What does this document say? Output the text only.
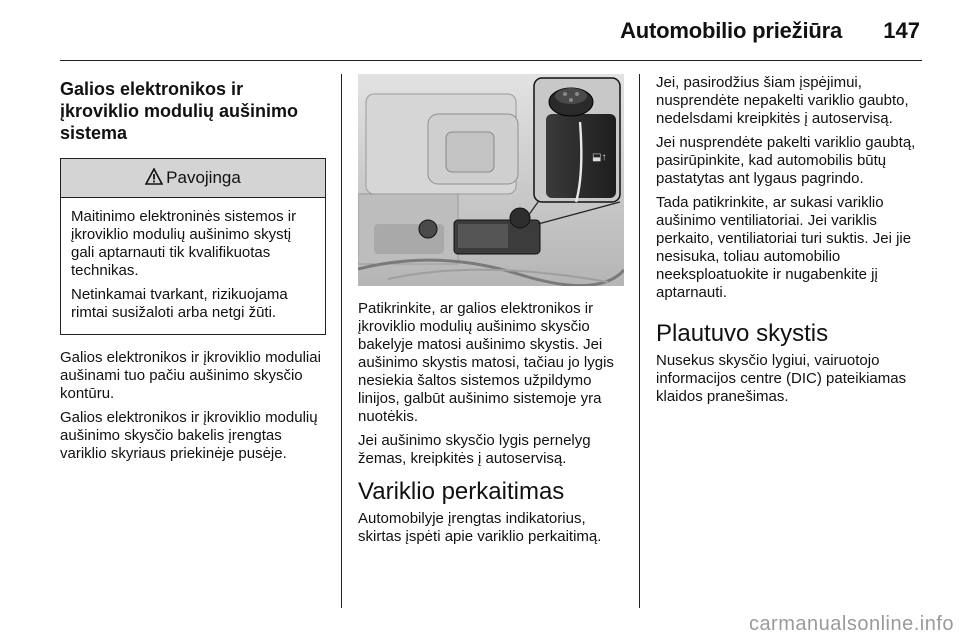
Automobilio priežiūra 147
Galios elektronikos ir įkroviklio modulių aušinimo sistema
Pavojinga

Maitinimo elektroninės sistemos ir įkroviklio modulių aušinimo skystį gali aptarnauti tik kvalifikuotas technikas.

Netinkamai tvarkant, rizikuojama rimtai susižaloti arba netgi žūti.

Galios elektronikos ir įkroviklio moduliai aušinami tuo pačiu aušinimo skysčio kontūru.

Galios elektronikos ir įkroviklio modulių aušinimo skysčio bakelis įrengtas variklio skyriaus priekinėje pusėje.

⬓↑

Patikrinkite, ar galios elektronikos ir įkroviklio modulių aušinimo skysčio bakelyje matosi aušinimo skystis. Jei aušinimo skystis matosi, tačiau jo lygis nesiekia šaltos sistemos užpildymo linijos, galbūt aušinimo sistemoje yra nuotėkis.

Jei aušinimo skysčio lygis pernelyg žemas, kreipkitės į autoservisą.

Variklio perkaitimas

Automobilyje įrengtas indikatorius, skirtas įspėti apie variklio perkaitimą.

Jei, pasirodžius šiam įspėjimui, nusprendėte nepakelti variklio gaubto, nedelsdami kreipkitės į autoservisą.

Jei nusprendėte pakelti variklio gaubtą, pasirūpinkite, kad automobilis būtų pastatytas ant lygaus pagrindo.

Tada patikrinkite, ar sukasi variklio aušinimo ventiliatoriai. Jei variklis perkaito, ventiliatoriai turi suktis. Jei jie nesisuka, toliau automobilio neeksploatuokite ir nugabenkite jį aptarnauti.

Plautuvo skystis

Nusekus skysčio lygiui, vairuotojo informacijos centre (DIC) pateikiamas klaidos pranešimas.

carmanualsonline.info
